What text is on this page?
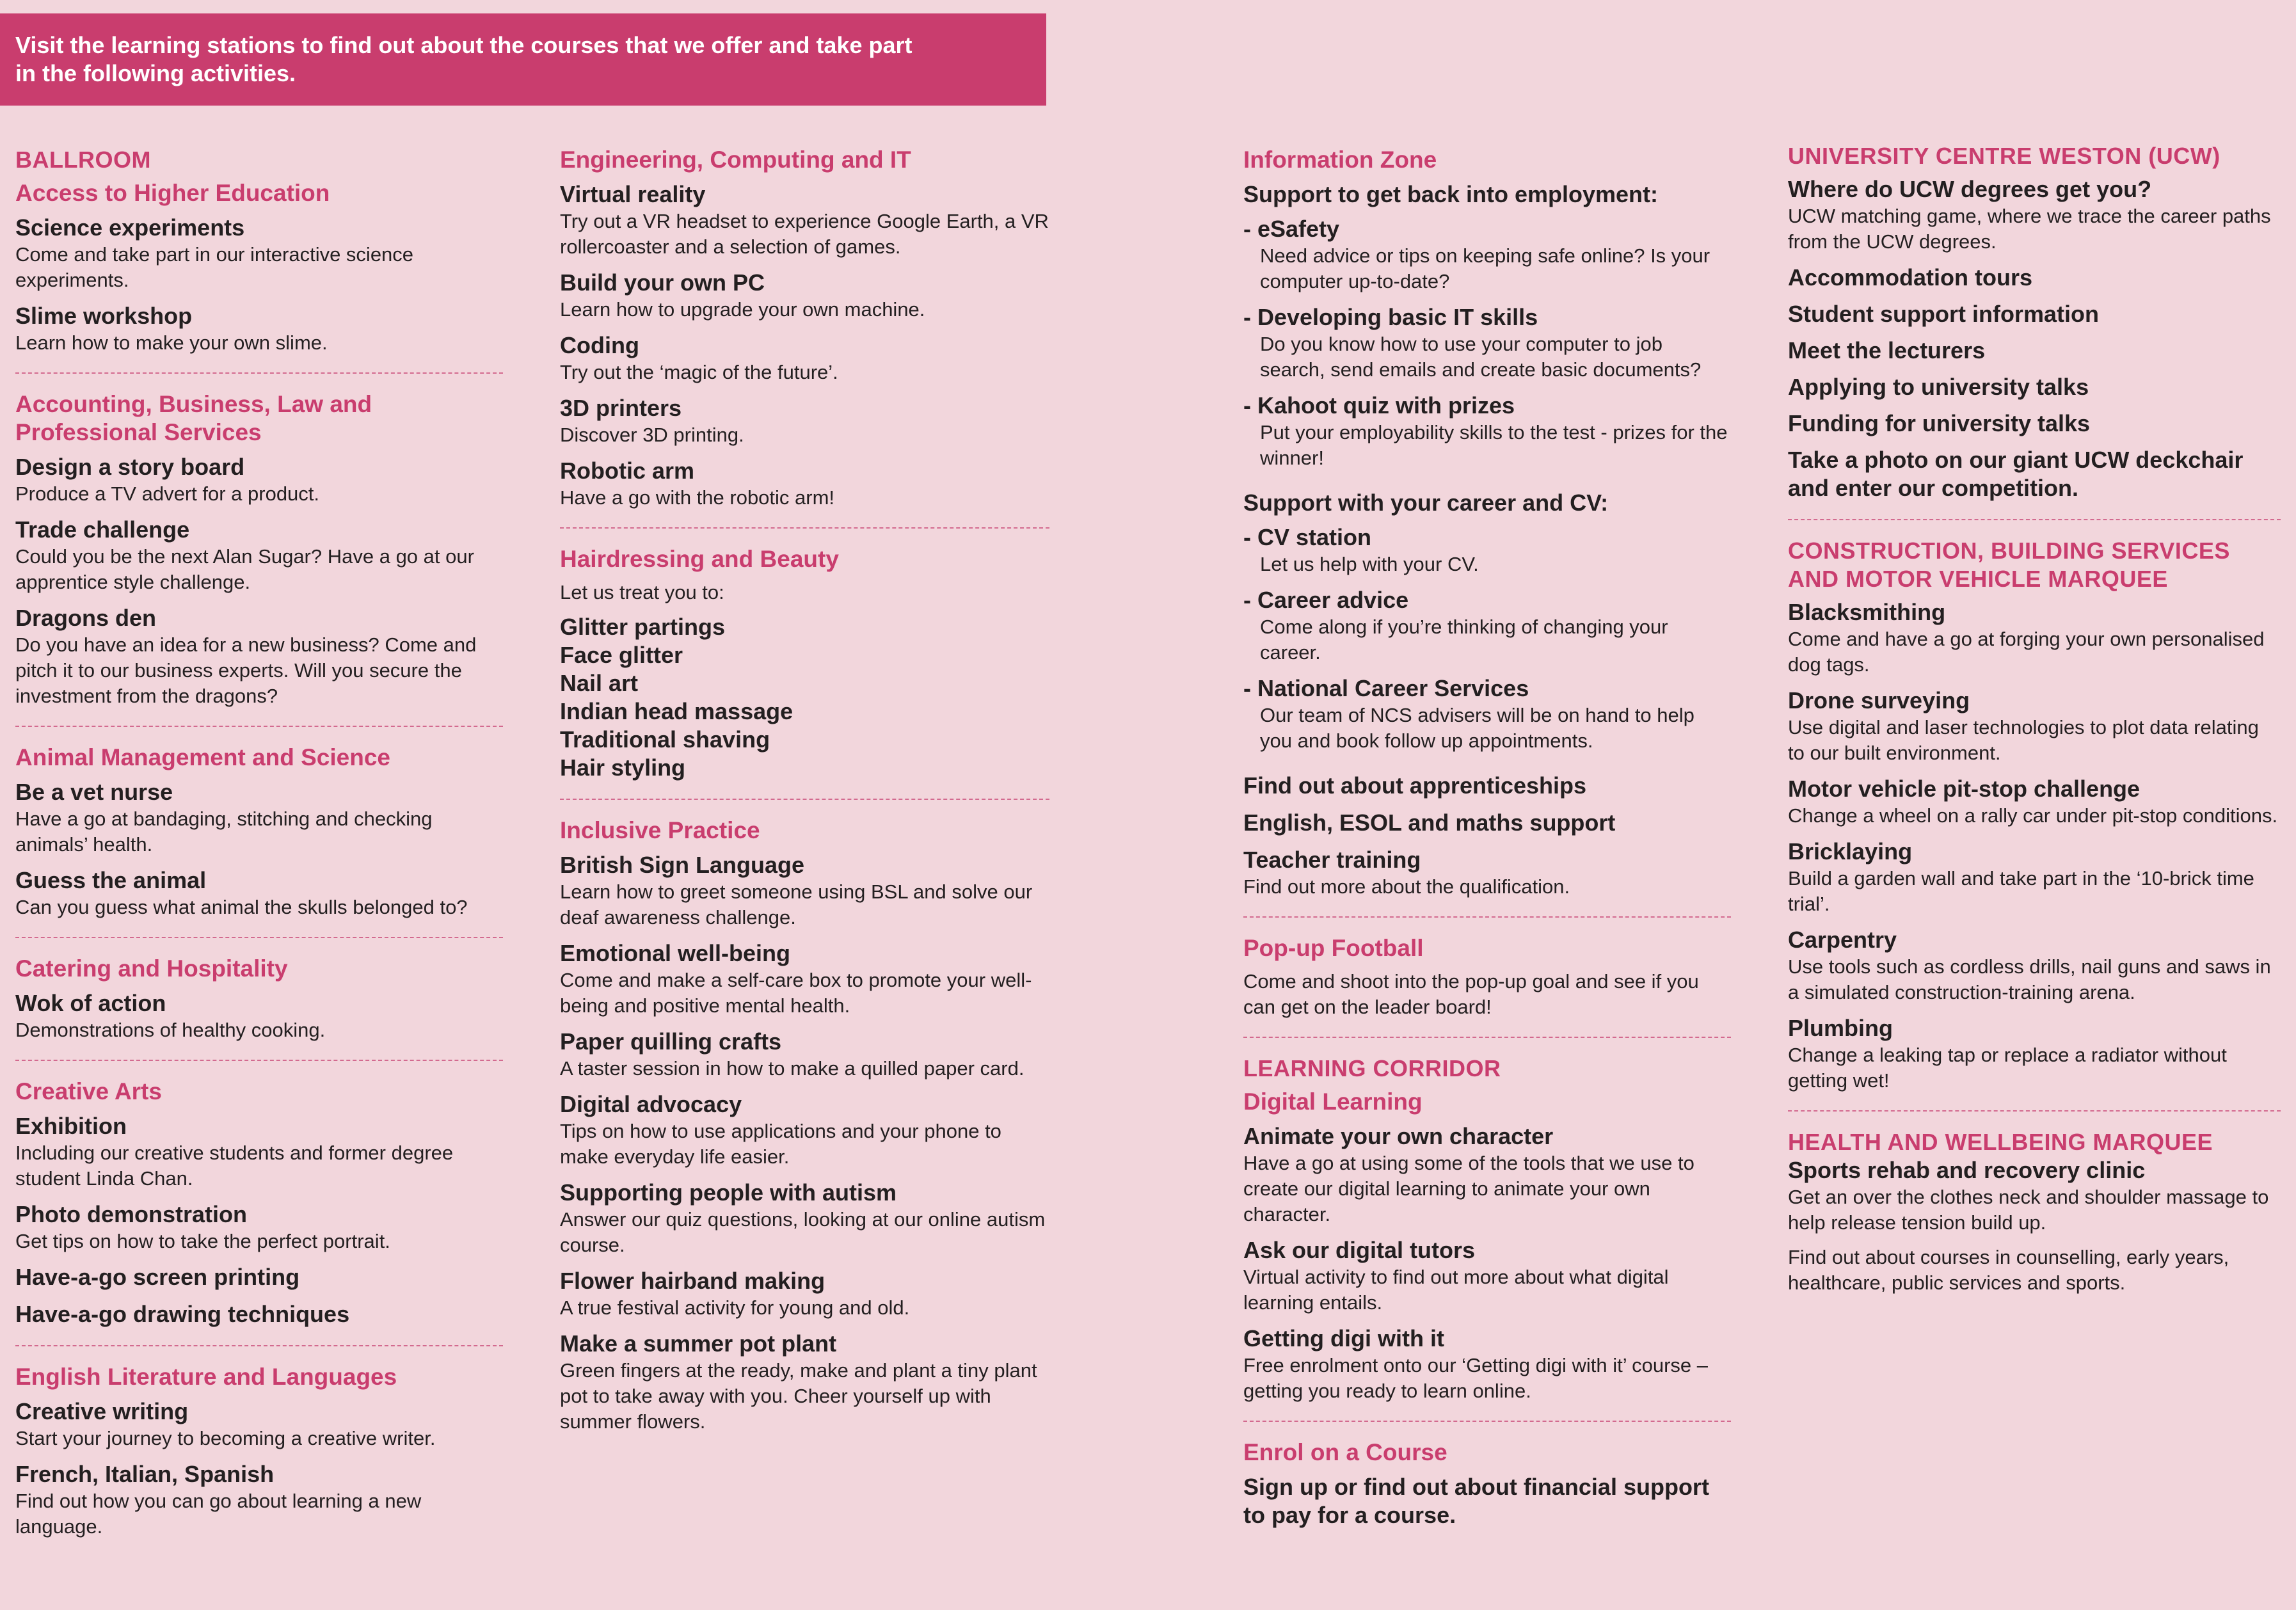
Visit the learning stations to find out about the courses that we offer and take part
in the following activities.
BALLROOM
Access to Higher Education
Science experiments
Come and take part in our interactive science experiments.
Slime workshop
Learn how to make your own slime.
Accounting, Business, Law and Professional Services
Design a story board
Produce a TV advert for a product.
Trade challenge
Could you be the next Alan Sugar? Have a go at our apprentice style challenge.
Dragons den
Do you have an idea for a new business? Come and pitch it to our business experts. Will you secure the investment from the dragons?
Animal Management and Science
Be a vet nurse
Have a go at bandaging, stitching and checking animals’ health.
Guess the animal
Can you guess what animal the skulls belonged to?
Catering and Hospitality
Wok of action
Demonstrations of healthy cooking.
Creative Arts
Exhibition
Including our creative students and former degree student Linda Chan.
Photo demonstration
Get tips on how to take the perfect portrait.
Have-a-go screen printing
Have-a-go drawing techniques
English Literature and Languages
Creative writing
Start your journey to becoming a creative writer.
French, Italian, Spanish
Find out how you can go about learning a new language.
Engineering, Computing and IT
Virtual reality
Try out a VR headset to experience Google Earth, a VR rollercoaster and a selection of games.
Build your own PC
Learn how to upgrade your own machine.
Coding
Try out the ‘magic of the future’.
3D printers
Discover 3D printing.
Robotic arm
Have a go with the robotic arm!
Hairdressing and Beauty
Let us treat you to:
Glitter partings
Face glitter
Nail art
Indian head massage
Traditional shaving
Hair styling
Inclusive Practice
British Sign Language
Learn how to greet someone using BSL and solve our deaf awareness challenge.
Emotional well-being
Come and make a self-care box to promote your well-being and positive mental health.
Paper quilling crafts
A taster session in how to make a quilled paper card.
Digital advocacy
Tips on how to use applications and your phone to make everyday life easier.
Supporting people with autism
Answer our quiz questions, looking at our online autism course.
Flower hairband making
A true festival activity for young and old.
Make a summer pot plant
Green fingers at the ready, make and plant a tiny plant pot to take away with you. Cheer yourself up with summer flowers.
Information Zone
Support to get back into employment:
- eSafety
Need advice or tips on keeping safe online? Is your computer up-to-date?
- Developing basic IT skills
Do you know how to use your computer to job search, send emails and create basic documents?
- Kahoot quiz with prizes
Put your employability skills to the test - prizes for the winner!
Support with your career and CV:
- CV station
Let us help with your CV.
- Career advice
Come along if you’re thinking of changing your career.
- National Career Services
Our team of NCS advisers will be on hand to help you and book follow up appointments.
Find out about apprenticeships
English, ESOL and maths support
Teacher training
Find out more about the qualification.
Pop-up Football
Come and shoot into the pop-up goal and see if you can get on the leader board!
LEARNING CORRIDOR
Digital Learning
Animate your own character
Have a go at using some of the tools that we use to create our digital learning to animate your own character.
Ask our digital tutors
Virtual activity to find out more about what digital learning entails.
Getting digi with it
Free enrolment onto our ‘Getting digi with it’ course – getting you ready to learn online.
Enrol on a Course
Sign up or find out about financial support to pay for a course.
UNIVERSITY CENTRE WESTON (UCW)
Where do UCW degrees get you?
UCW matching game, where we trace the career paths from the UCW degrees.
Accommodation tours
Student support information
Meet the lecturers
Applying to university talks
Funding for university talks
Take a photo on our giant UCW deckchair and enter our competition.
CONSTRUCTION, BUILDING SERVICES AND MOTOR VEHICLE MARQUEE
Blacksmithing
Come and have a go at forging your own personalised dog tags.
Drone surveying
Use digital and laser technologies to plot data relating to our built environment.
Motor vehicle pit-stop challenge
Change a wheel on a rally car under pit-stop conditions.
Bricklaying
Build a garden wall and take part in the ‘10-brick time trial’.
Carpentry
Use tools such as cordless drills, nail guns and saws in a simulated construction-training arena.
Plumbing
Change a leaking tap or replace a radiator without getting wet!
HEALTH AND WELLBEING MARQUEE
Sports rehab and recovery clinic
Get an over the clothes neck and shoulder massage to help release tension build up.
Find out about courses in counselling, early years, healthcare, public services and sports.
